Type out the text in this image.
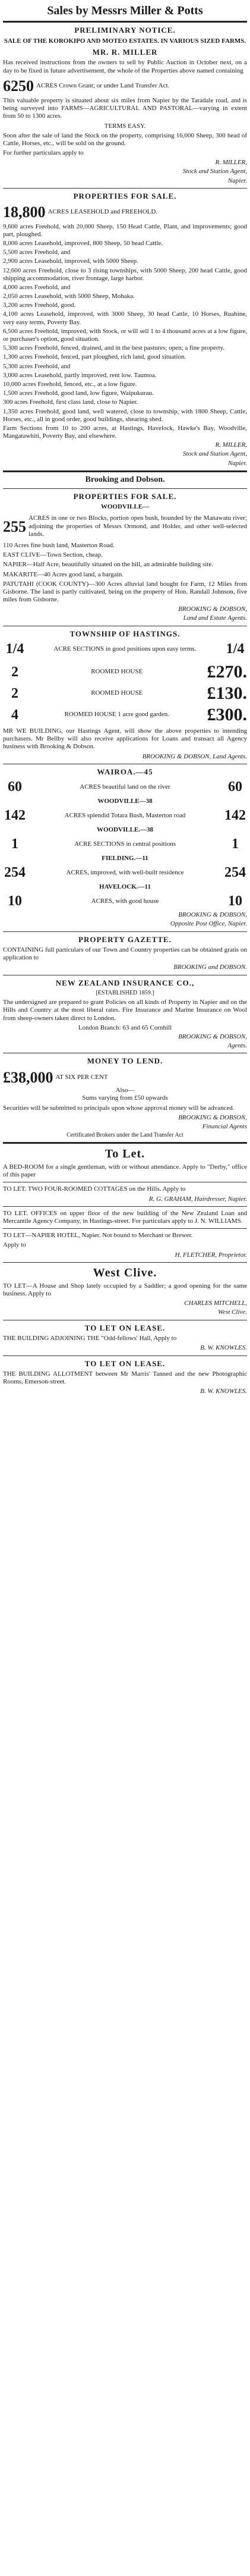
Sales by Messrs Miller & Potts
PRELIMINARY NOTICE.
SALE OF THE KOROKIPO AND MOTEO ESTATES. IN VARIOUS SIZED FARMS.
MR. R. MILLER
Has received instructions from the owners to sell by Public Auction in October next, on a day to be fixed in future advertisement, the whole of the Properties above named containing
6250 ACRES Crown Grant; or under Land Transfer Act.
This valuable property is situated about six miles from Napier by the Taradale road, and is being surveyed into FARMS—AGRICULTURAL AND PASTORAL—varying in extent from 50 to 1300 acres.
TERMS EASY.
Soon after the sale of land the Stock on the property, comprising 16,000 Sheep, 300 head of Cattle, Horses, etc., will be sold on the ground.
For further particulars apply to
R. MILLER,
Stock and Station Agent,
Napier.
PROPERTIES FOR SALE.
18,800 ACRES LEASEHOLD and FREEHOLD.
9,600 acres Freehold, with 20,000 Sheep, 150 Head Cattle, Plant, and improvements; good part, ploughed.
8,000 acres Leasehold, improved, 800 Sheep, 50 head Cattle.
5,500 acres Freehold, and
2,900 acres Leasehold, improved, with 5000 Sheep.
12,600 acres Freehold, close to 3 rising townships, with 5000 Sheep, 200 head Cattle, good shipping accommodation, river frontage, large harbor.
4,000 acres Freehold, and
2,050 acres Leasehold, with 5000 Sheep, Mohaka.
3,200 acres Freehold, good.
4,100 acres Leasehold, improved, with 3000 Sheep, 30 head Cattle, 10 Horses, Ruahine, very easy terms, Poverty Bay.
6,500 acres Freehold, improved, with Stock, or will sell 1 to 4 thousand acres at a low figure, or purchaser's option, good situation.
5,300 acres Freehold, fenced, drained, and in the best pastures; open; a fine property.
1,300 acres Freehold, fenced, part ploughed, rich land, good situation.
5,300 acres Freehold, and
3,000 acres Leasehold, partly improved, rent low. Taumoa.
10,000 acres Freehold, fenced, etc., at a low figure.
1,500 acres Freehold, good land, low figure, Waipukurau.
300 acres Freehold, first class land, close to Napier.
1,350 acres Freehold, good land, well watered, close to township, with 1800 Sheep, Cattle, Horses, etc., all in good order, good buildings, shearing shed.
Farm Sections from 10 to 200 acres, at Hastings, Havelock, Hawke's Bay, Woodville, Mangatawhiti, Poverty Bay, and elsewhere.
R. MILLER,
Stock and Station Agent,
Napier.
Brooking and Dobson.
PROPERTIES FOR SALE.
WOODVILLE—
255 ACRES in one or two Blocks, portion open bush, bounded by the Manawatu river; adjoining the properties of Messrs Ormond, and Holder, and other well-selected lands.
110 Acres fine bush land, Masterton Road.
EAST CLIVE—Town Section, cheap.
NAPIER—Half Acre, beautifully situated on the hill, an admirable building site.
MAKARITE—40 Acres good land, a bargain.
PATUTAHI (COOK COUNTY)—300 Acres alluvial land bought for Farm, 12 Miles from Gisborne. The land is partly cultivated, being on the property of Hon. Randall Johnson, five miles from Gisborne.
BROOKING & DOBSON,
Land and Estate Agents.
TOWNSHIP OF HASTINGS.
1/4	ACRE SECTIONS in good positions upon easy terms.	1/4
2	ROOMED HOUSE	£270.
2	ROOMED HOUSE	£130.
4	ROOMED HOUSE 1 acre good garden.	£300.
MR WE BUILDING, our Hastings Agent, will show the above properties to intending purchasers. Mr Bellby will also receive applications for Loans and transact all Agency business with Brooking & Dobson.
BROOKING & DOBSON, Land Agents.
WAIROA.—45
60	ACRES beautiful land on the river	60
WOODVILLE—38
142	ACRES splendid Totara Bush, Masterton road	142
WOODVILLE.—38
1	ACRE SECTIONS in central positions	1
FIELDING.—11
254	ACRES, improved, with well-built residence	254
HAVELOCK.—11
10	ACRES, with good house	10
BROOKING & DOBSON,
Opposite Post Office, Napier.
PROPERTY GAZETTE.
CONTAINING full particulars of our Town and Country properties can be obtained gratis on application to
BROOKING and DOBSON.
NEW ZEALAND INSURANCE CO.,
[ESTABLISHED 1859.]
The undersigned are prepared to grant Policies on all kinds of Property in Napier and on the Hills and Country at the most liberal rates. Fire Insurance and Marine Insurance on Wool from sheep-owners taken direct to London.
London Branch: 63 and 65 Cornhill
BROOKING & DOBSON,
Agents.
MONEY TO LEND.
£38,000 AT SIX PER CENT
Also—
Sums varying from £50 upwards
Securities will be submitted to principals upon whose approval money will be advanced.
BROOKING & DOBSON,
Financial Agents
Certificated Brokers under the Land Transfer Act
To Let.
A BED-ROOM for a single gentleman, with or without attendance. Apply to "Derby," office of this paper
TO LET. TWO FOUR-ROOMED COTTAGES on the Hills. Apply to
R. G. GRAHAM, Hairdresser, Napier.
TO LET. OFFICES on upper floor of the new building of the New Zealand Loan and Mercantile Agency Company, in Hastings-street. For particulars apply to J. N. WILLIAMS.
TO LET—NAPIER HOTEL, Napier. Not bound to Merchant or Brewer.
Apply to
H. FLETCHER, Proprietor.
West Clive.
TO LET—A House and Shop lately occupied by a Saddler; a good opening for the same business. Apply to
CHARLES MITCHELL,
West Clive.
TO LET ON LEASE.
THE BUILDING ADJOINING THE "Odd-fellows' Hall, Apply to
B. W. KNOWLES.
TO LET ON LEASE.
THE BUILDING ALLOTMENT between Mr Marris' Tanned and the new Photographic Rooms, Emerson-street.
B. W. KNOWLES.
